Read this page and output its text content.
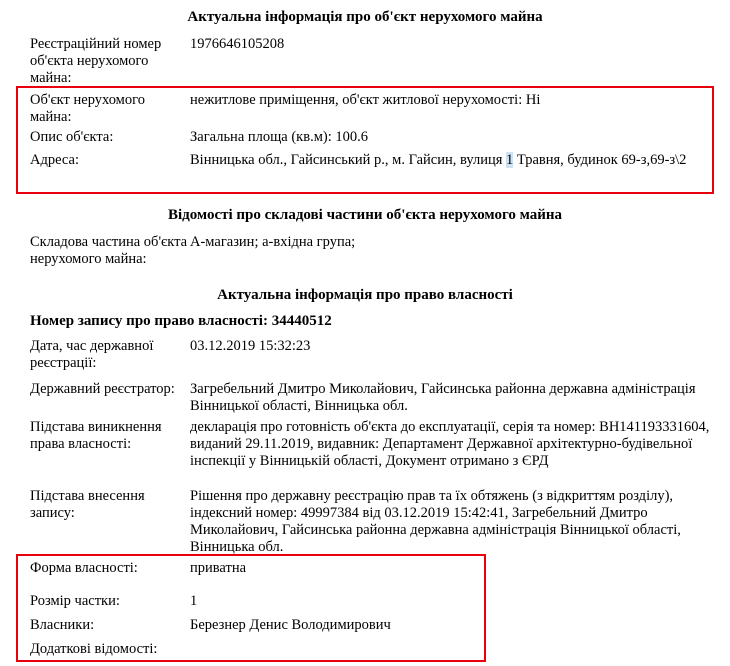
Актуальна інформація про об'єкт нерухомого майна
Реєстраційний номер об'єкта нерухомого майна:
1976646105208
Об'єкт нерухомого майна:
нежитлове приміщення, об'єкт житлової нерухомості: Ні
Опис об'єкта:	Загальна площа (кв.м): 100.6
Адреса:	Вінницька обл., Гайсинський р., м. Гайсин, вулиця 1 Травня, будинок 69-з,69-з\2
Відомості про складові частини об'єкта нерухомого майна
Складова частина об'єкта нерухомого майна:
А-магазин; а-вхідна група;
Актуальна інформація про право власності
Номер запису про право власності: 34440512
Дата, час державної реєстрації:
03.12.2019 15:32:23
Державний реєстратор:	Загребельний Дмитро Миколайович, Гайсинська районна державна адміністрація Вінницької області, Вінницька обл.
Підстава виникнення права власності:
декларація про готовність об'єкта до експлуатації, серія та номер: ВН141193331604, виданий 29.11.2019, видавник: Департамент Державної архітектурно-будівельної інспекції у Вінницькій області, Документ отримано з ЄРД
Підстава внесення запису:
Рішення про державну реєстрацію прав та їх обтяжень (з відкриттям розділу), індексний номер: 49997384 від 03.12.2019 15:42:41, Загребельний Дмитро Миколайович, Гайсинська районна державна адміністрація Вінницької області, Вінницька обл.
Форма власності:	приватна
Розмір частки:	1
Власники:	Березнер Денис Володимирович
Додаткові відомості:
